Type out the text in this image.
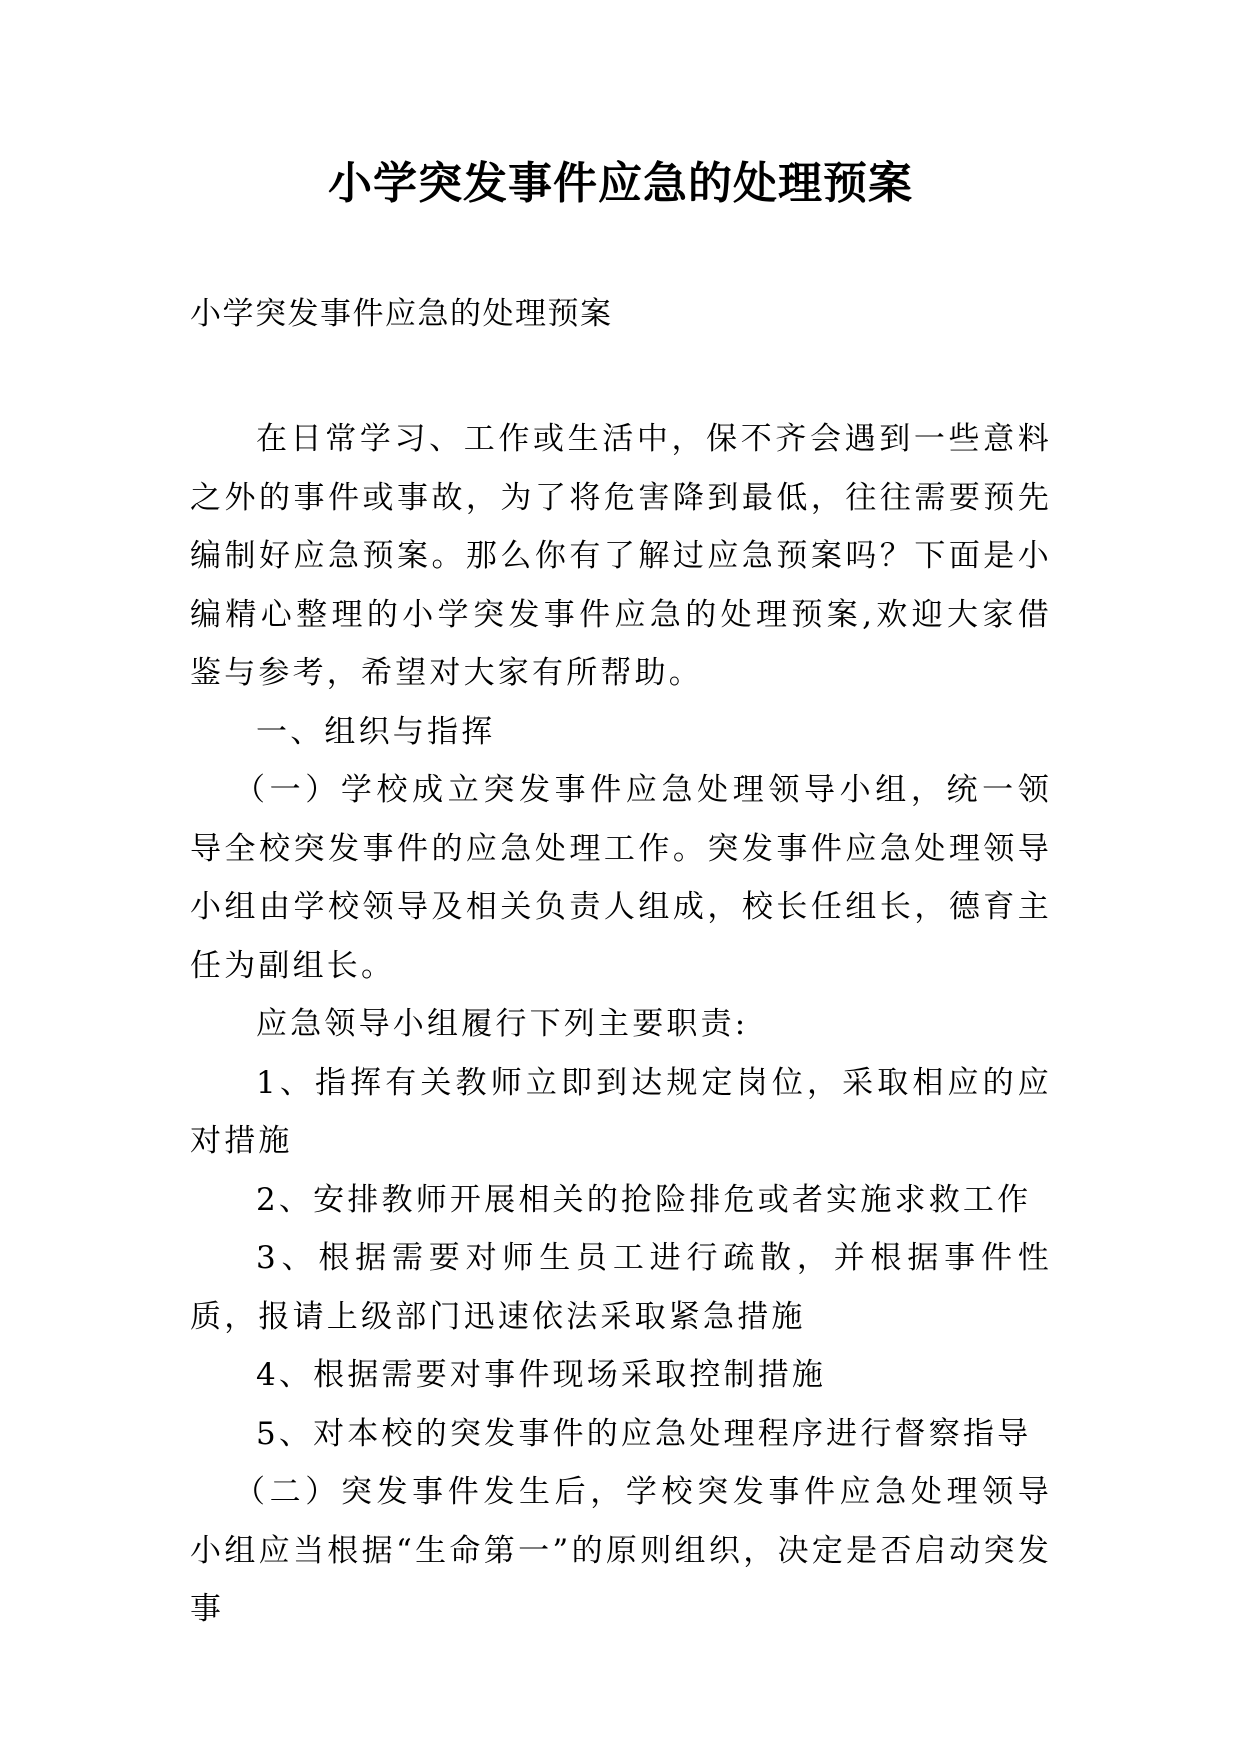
小学突发事件应急的处理预案

小学突发事件应急的处理预案

在日常学习、工作或生活中，保不齐会遇到一些意料之外的事件或事故，为了将危害降到最低，往往需要预先编制好应急预案。那么你有了解过应急预案吗？下面是小编精心整理的小学突发事件应急的处理预案,欢迎大家借鉴与参考，希望对大家有所帮助。

一、组织与指挥

（一）学校成立突发事件应急处理领导小组，统一领导全校突发事件的应急处理工作。突发事件应急处理领导小组由学校领导及相关负责人组成，校长任组长，德育主任为副组长。

应急领导小组履行下列主要职责:

1、指挥有关教师立即到达规定岗位，采取相应的应对措施

2、安排教师开展相关的抢险排危或者实施求救工作

3、根据需要对师生员工进行疏散，并根据事件性质，报请上级部门迅速依法采取紧急措施

4、根据需要对事件现场采取控制措施

5、对本校的突发事件的应急处理程序进行督察指导

（二）突发事件发生后，学校突发事件应急处理领导小组应当根据“生命第一”的原则组织，决定是否启动突发事
